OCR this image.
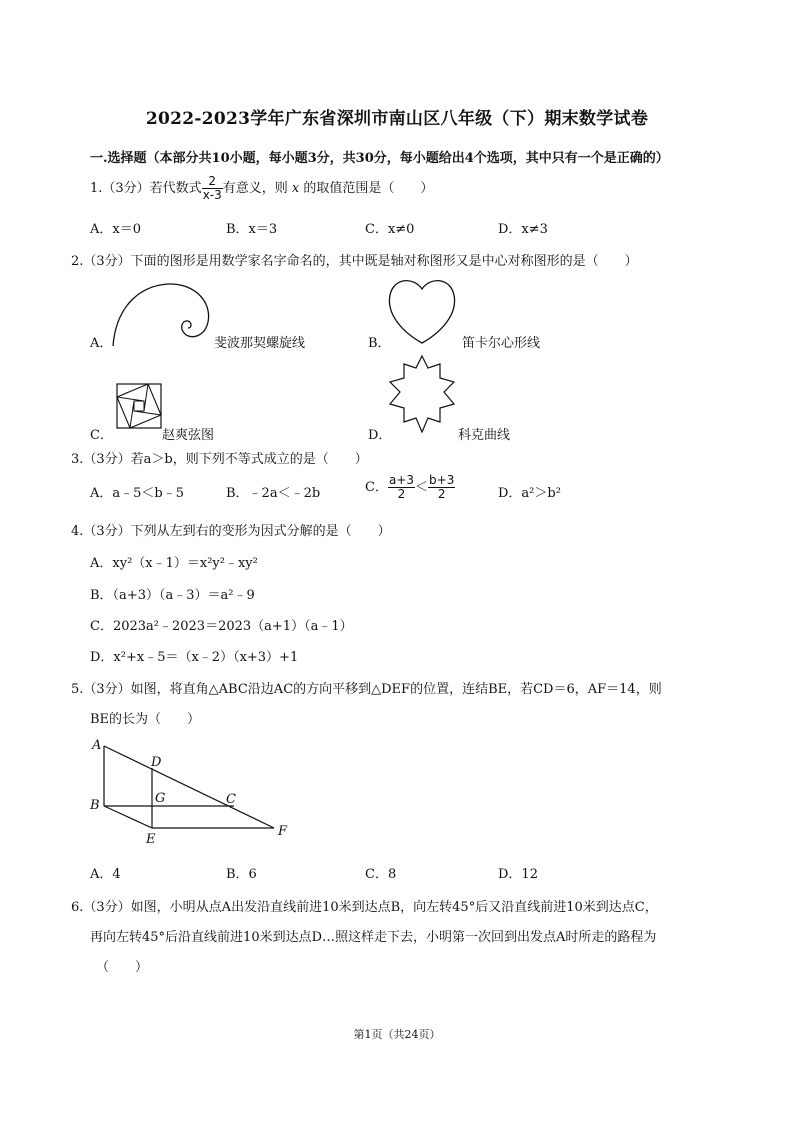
2022-2023学年广东省深圳市南山区八年级（下）期末数学试卷
一.选择题（本部分共10小题，每小题3分，共30分，每小题给出4个选项，其中只有一个是正确的）
1.（3分）若代数式 $\frac{2}{x-3}$ 有意义，则 x 的取值范围是（　　）
A．x＝0	B．x＝3	C．x≠0	D．x≠3
2.（3分）下面的图形是用数学家名字命名的，其中既是轴对称图形又是中心对称图形的是（　　）
A．	斐波那契螺旋线	B．	笛卡尔心形线
C．	赵爽弦图	D．	科克曲线
3.（3分）若a＞b，则下列不等式成立的是（　　）
A．a﹣5＜b﹣5	B．﹣2a＜﹣2b	C． $\frac{a+3}{2} < \frac{b+3}{2}$	D．a²＞b²
4.（3分）下列从左到右的变形为因式分解的是（　　）
A．xy²（x﹣1）＝x²y²﹣xy²
B．（a+3）（a﹣3）＝a²﹣9
C．2023a²﹣2023＝2023（a+1）（a﹣1）
D．x²+x﹣5＝（x﹣2）（x+3）+1
5.（3分）如图，将直角△ABC沿边AC的方向平移到△DEF的位置，连结BE，若CD＝6，AF＝14，则
BE的长为（　　）
A
D
G	C
B
F
E
A．4	B．6	C．8	D．12
6.（3分）如图，小明从点A出发沿直线前进10米到达点B，向左转45°后又沿直线前进10米到达点C，
再向左转45°后沿直线前进10米到达点D…照这样走下去，小明第一次回到出发点A时所走的路程为
（　　）
第1页（共24页）
